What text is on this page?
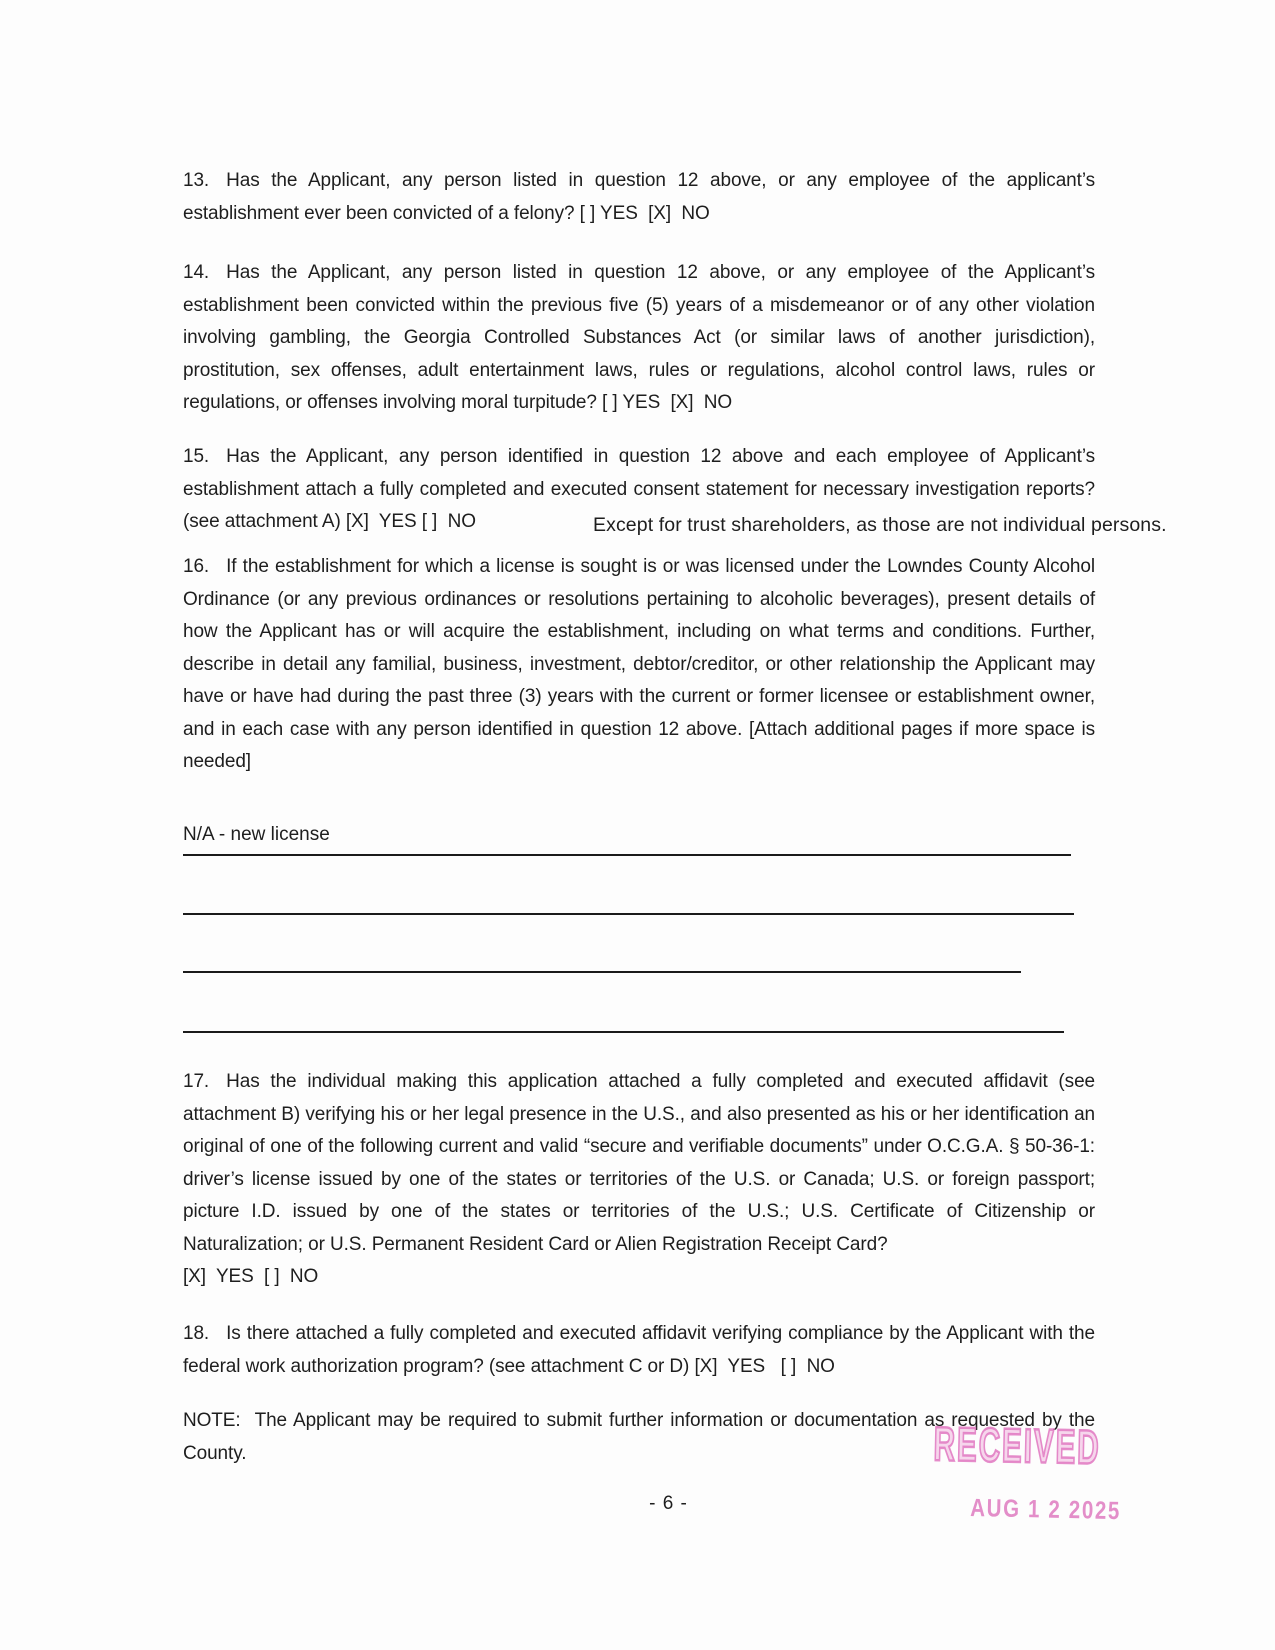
13. Has the Applicant, any person listed in question 12 above, or any employee of the applicant’s establishment ever been convicted of a felony? [ ] YES  [X]  NO

14. Has the Applicant, any person listed in question 12 above, or any employee of the Applicant’s establishment been convicted within the previous five (5) years of a misdemeanor or of any other violation involving gambling, the Georgia Controlled Substances Act (or similar laws of another jurisdiction), prostitution, sex offenses, adult entertainment laws, rules or regulations, alcohol control laws, rules or regulations, or offenses involving moral turpitude? [ ] YES  [X]  NO

15. Has the Applicant, any person identified in question 12 above and each employee of Applicant’s establishment attach a fully completed and executed consent statement for necessary investigation reports? (see attachment A) [X]  YES [ ]  NO	Except for trust shareholders, as those are not individual persons.

16. If the establishment for which a license is sought is or was licensed under the Lowndes County Alcohol Ordinance (or any previous ordinances or resolutions pertaining to alcoholic beverages), present details of how the Applicant has or will acquire the establishment, including on what terms and conditions. Further, describe in detail any familial, business, investment, debtor/creditor, or other relationship the Applicant may have or have had during the past three (3) years with the current or former licensee or establishment owner, and in each case with any person identified in question 12 above. [Attach additional pages if more space is needed]

N/A - new license

17. Has the individual making this application attached a fully completed and executed affidavit (see attachment B) verifying his or her legal presence in the U.S., and also presented as his or her identification an original of one of the following current and valid “secure and verifiable documents” under O.C.G.A. § 50-36-1: driver’s license issued by one of the states or territories of the U.S. or Canada; U.S. or foreign passport; picture I.D. issued by one of the states or territories of the U.S.; U.S. Certificate of Citizenship or Naturalization; or U.S. Permanent Resident Card or Alien Registration Receipt Card?
[X]  YES  [ ]  NO

18. Is there attached a fully completed and executed affidavit verifying compliance by the Applicant with the federal work authorization program? (see attachment C or D) [X]  YES   [ ]  NO

NOTE: The Applicant may be required to submit further information or documentation as requested by the County.

- 6 -
RECEIVED
AUG 1 2 2025
